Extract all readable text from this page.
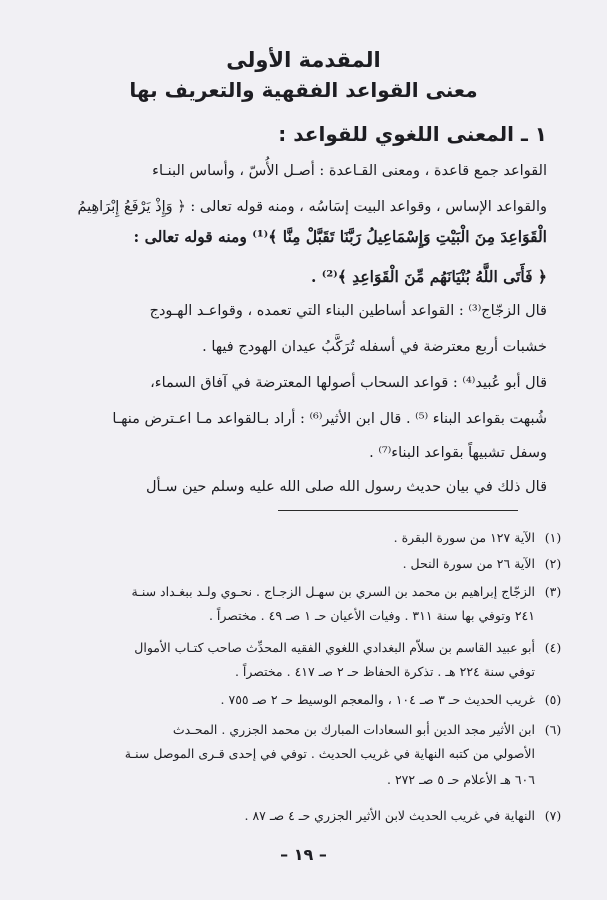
المقدمة الأولى
معنى القواعد الفقهية والتعريف بها
١ ـ المعنى اللغوي للقواعد :
القواعد جمع قاعدة ، ومعنى القـاعدة : أصـل الأُسّ ، وأساس البنـاء
والقواعد الإساس ، وقواعد البيت إسَاسُه ، ومنه قوله تعالى : ﴿ وَإِذْ يَرْفَعُ إِبْرَاهِيمُ
الْقَوَاعِدَ مِنَ الْبَيْتِ وَإِسْمَاعِيلُ رَبَّنَا تَقَبَّلْ مِنَّا ﴾⁽¹⁾ ومنه قوله تعالى :
﴿ فَأَتَى اللَّهُ بُنْيَانَهُم مِّنَ الْقَوَاعِدِ ﴾⁽²⁾ .
قال الزجّاج⁽³⁾ : القواعد أساطين البناء التي تعمده ، وقواعـد الهـودج
خشبات أربع معترضة في أسفله تُرَكَّبُ عيدان الهودج فيها .
قال أبو عُبيد⁽⁴⁾ : قواعد السحاب أصولها المعترضة في آفاق السماء،
شُبهت بقواعد البناء ⁽⁵⁾ . قال ابن الأثير⁽⁶⁾ : أراد بـالقواعد مـا اعـترض منهـا
وسفل تشبيهاً بقواعد البناء⁽⁷⁾ .
قال ذلك في بيان حديث رسول الله صلى الله عليه وسلم حين سـأل
(١)
الآية ١٢٧ من سورة البقرة .
(٢)
الآية ٢٦ من سورة النحل .
(٣)
الزجّاج إبراهيم بن محمد بن السري بن سهـل الزجـاج . نحـوي ولـد ببغـداد سنـة
٢٤١ وتوفي بها سنة ٣١١ . وفيات الأعيان حـ ١ صـ ٤٩ . مختصراً .
(٤)
أبو عبيد القاسم بن سلاّم البغدادي اللغوي الفقيه المحدِّث صاحب كتـاب الأموال
توفي سنة ٢٢٤ هـ . تذكرة الحفاظ حـ ٢ صـ ٤١٧ . مختصراً .
(٥)
غريب الحديث حـ ٣ صـ ١٠٤ ، والمعجم الوسيط حـ ٢ صـ ٧٥٥ .
(٦)
ابن الأثير مجد الدين أبو السعادات المبارك بن محمد الجزري . المحـدث
الأصولي من كتبه النهاية في غريب الحديث . توفي في إحدى قـرى الموصل سنـة
٦٠٦ هـ الأعلام حـ ٥ صـ ٢٧٢ .
(٧)
النهاية في غريب الحديث لابن الأثير الجزري حـ ٤ صـ ٨٧ .
– ١٩ –
